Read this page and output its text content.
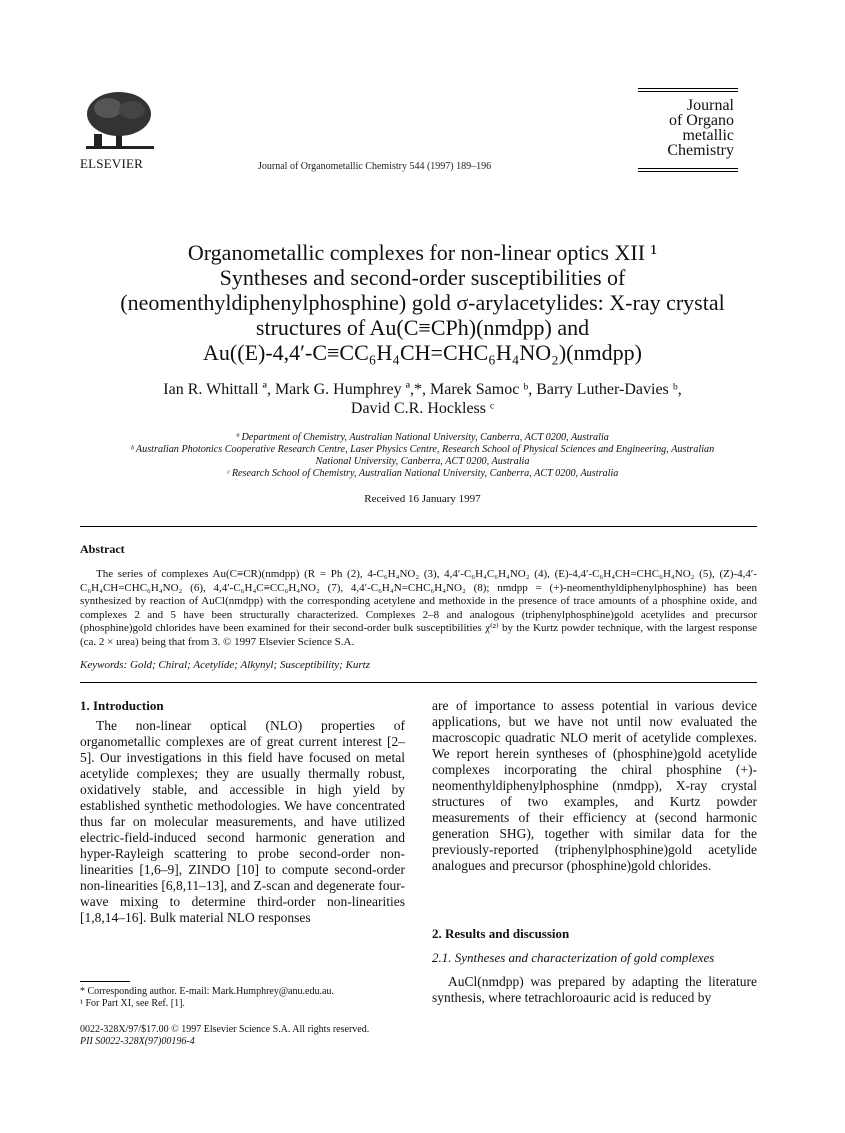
ELSEVIER	Journal of Organometallic Chemistry 544 (1997) 189–196
Journal
of Organo
metallic
Chemistry
Organometallic complexes for non-linear optics XII ¹
Syntheses and second-order susceptibilities of
(neomenthyldiphenylphosphine) gold σ-arylacetylides: X-ray crystal
structures of Au(C≡CPh)(nmdpp) and
Au((E)-4,4′-C≡CC₆H₄CH=CHC₆H₄NO₂)(nmdpp)
Ian R. Whittall ª, Mark G. Humphrey ª,*, Marek Samoc ᵇ, Barry Luther-Davies ᵇ,
David C.R. Hockless ᶜ
ª Department of Chemistry, Australian National University, Canberra, ACT 0200, Australia
ᵇ Australian Photonics Cooperative Research Centre, Laser Physics Centre, Research School of Physical Sciences and Engineering, Australian
National University, Canberra, ACT 0200, Australia
ᶜ Research School of Chemistry, Australian National University, Canberra, ACT 0200, Australia
Received 16 January 1997
Abstract
The series of complexes Au(C≡CR)(nmdpp) (R = Ph (2), 4-C₆H₄NO₂ (3), 4,4′-C₆H₄C₆H₄NO₂ (4), (E)-4,4′-C₆H₄CH=CHC₆H₄NO₂ (5), (Z)-4,4′-C₆H₄CH=CHC₆H₄NO₂ (6), 4,4′-C₆H₄C≡CC₆H₄NO₂ (7), 4,4′-C₆H₄N=CHC₆H₄NO₂ (8); nmdpp = (+)-neomenthyldiphenylphosphine) has been synthesized by reaction of AuCl(nmdpp) with the corresponding acetylene and methoxide in the presence of trace amounts of a phosphine oxide, and complexes 2 and 5 have been structurally characterized. Complexes 2–8 and analogous (triphenylphosphine)gold acetylides and precursor (phosphine)gold chlorides have been examined for their second-order bulk susceptibilities χ⁽²⁾ by the Kurtz powder technique, with the largest response (ca. 2 × urea) being that from 3. © 1997 Elsevier Science S.A.
Keywords: Gold; Chiral; Acetylide; Alkynyl; Susceptibility; Kurtz
1. Introduction
The non-linear optical (NLO) properties of organometallic complexes are of great current interest [2–5]. Our investigations in this field have focused on metal acetylide complexes; they are usually thermally robust, oxidatively stable, and accessible in high yield by established synthetic methodologies. We have concentrated thus far on molecular measurements, and have utilized electric-field-induced second harmonic generation and hyper-Rayleigh scattering to probe second-order non-linearities [1,6–9], ZINDO [10] to compute second-order non-linearities [6,8,11–13], and Z-scan and degenerate four-wave mixing to determine third-order non-linearities [1,8,14–16]. Bulk material NLO responses
* Corresponding author. E-mail: Mark.Humphrey@anu.edu.au.
¹ For Part XI, see Ref. [1].
0022-328X/97/$17.00 © 1997 Elsevier Science S.A. All rights reserved.
PII S0022-328X(97)00196-4
are of importance to assess potential in various device applications, but we have not until now evaluated the macroscopic quadratic NLO merit of acetylide complexes. We report herein syntheses of (phosphine)gold acetylide complexes incorporating the chiral phosphine (+)-neomenthyldiphenylphosphine (nmdpp), X-ray crystal structures of two examples, and Kurtz powder measurements of their efficiency at (second harmonic generation SHG), together with similar data for the previously-reported (triphenylphosphine)gold acetylide analogues and precursor (phosphine)gold chlorides.
2. Results and discussion
2.1. Syntheses and characterization of gold complexes
AuCl(nmdpp) was prepared by adapting the literature synthesis, where tetrachloroauric acid is reduced by
